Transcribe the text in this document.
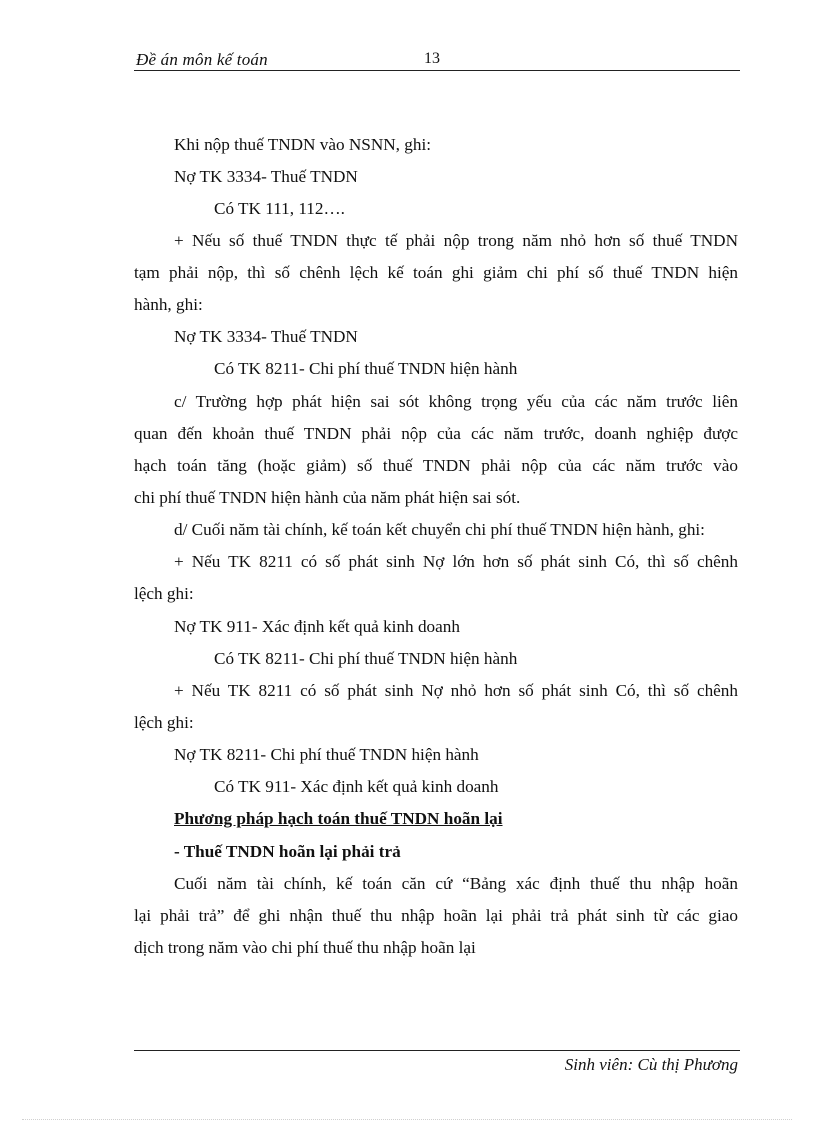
Đề án môn kế toán	13
Khi nộp thuế TNDN vào NSNN, ghi:
Nợ TK 3334- Thuế TNDN
Có TK 111, 112….
+ Nếu số thuế TNDN thực tế phải nộp trong năm nhỏ hơn số thuế TNDN
tạm phải nộp, thì số chênh lệch kế toán ghi giảm chi phí số thuế TNDN hiện
hành, ghi:
Nợ TK 3334- Thuế TNDN
Có TK 8211- Chi phí thuế TNDN hiện hành
c/ Trường hợp phát hiện sai sót không trọng yếu của các năm trước liên
quan đến khoản thuế TNDN phải nộp của các năm trước, doanh nghiệp được
hạch toán tăng (hoặc giảm) số thuế TNDN phải nộp của các năm trước vào
chi phí thuế TNDN hiện hành của năm phát hiện sai sót.
d/ Cuối năm tài chính, kế toán kết chuyển chi phí thuế TNDN hiện hành, ghi:
+ Nếu TK 8211 có số phát sinh Nợ lớn hơn số phát sinh Có, thì số chênh
lệch ghi:
Nợ TK 911- Xác định kết quả kinh doanh
Có TK 8211- Chi phí thuế TNDN hiện hành
+ Nếu TK 8211 có số phát sinh Nợ nhỏ hơn số phát sinh Có, thì số chênh
lệch ghi:
Nợ TK 8211- Chi phí thuế TNDN hiện hành
Có TK 911- Xác định kết quả kinh doanh
Phương pháp hạch toán thuế TNDN hoãn lại
- Thuế TNDN hoãn lại phải trả
Cuối năm tài chính, kế toán căn cứ “Bảng xác định thuế thu nhập hoãn
lại phải trả” để ghi nhận thuế thu nhập hoãn lại phải trả phát sinh từ các giao
dịch trong năm vào chi phí thuế thu nhập hoãn lại
Sinh viên: Cù thị Phương
